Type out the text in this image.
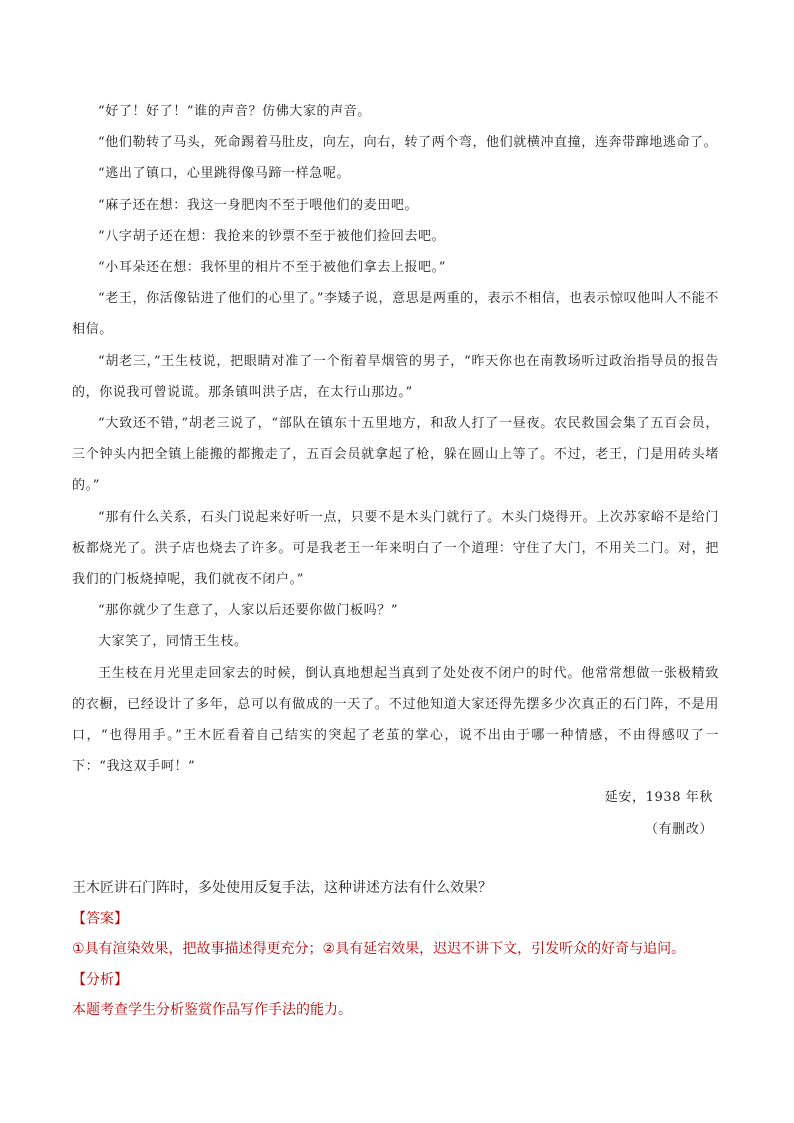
“好了！好了！”谁的声音？仿佛大家的声音。

“他们勒转了马头，死命踢着马肚皮，向左，向右，转了两个弯，他们就横冲直撞，连奔带蹿地逃命了。

“逃出了镇口，心里跳得像马蹄一样急呢。

“麻子还在想：我这一身肥肉不至于喂他们的麦田吧。

“八字胡子还在想：我抢来的钞票不至于被他们捡回去吧。

“小耳朵还在想：我怀里的相片不至于被他们拿去上报吧。”

“老王，你活像钻进了他们的心里了。”李矮子说，意思是两重的，表示不相信，也表示惊叹他叫人不能不相信。

“胡老三，”王生枝说，把眼睛对准了一个衔着旱烟管的男子，“昨天你也在南教场听过政治指导员的报告的，你说我可曾说谎。那条镇叫洪子店，在太行山那边。”

“大致还不错，”胡老三说了，“部队在镇东十五里地方，和敌人打了一昼夜。农民救国会集了五百会员，三个钟头内把全镇上能搬的都搬走了，五百会员就拿起了枪，躲在圆山上等了。不过，老王，门是用砖头堵的。”

“那有什么关系，石头门说起来好听一点，只要不是木头门就行了。木头门烧得开。上次苏家峪不是给门板都烧光了。洪子店也烧去了许多。可是我老王一年来明白了一个道理：守住了大门，不用关二门。对，把我们的门板烧掉呢，我们就夜不闭户。”

“那你就少了生意了，人家以后还要你做门板吗？”

大家笑了，同情王生枝。

王生枝在月光里走回家去的时候，倒认真地想起当真到了处处夜不闭户的时代。他常常想做一张极精致的衣橱，已经设计了多年，总可以有做成的一天了。不过他知道大家还得先摆多少次真正的石门阵，不是用口，“也得用手。”王木匠看着自己结实的突起了老茧的掌心，说不出由于哪一种情感，不由得感叹了一下：“我这双手呵！”

延安，1938 年秋

（有删改）

王木匠讲石门阵时，多处使用反复手法，这种讲述方法有什么效果？
【答案】
①具有渲染效果，把故事描述得更充分；②具有延宕效果，迟迟不讲下文，引发听众的好奇与追问。
【分析】
本题考查学生分析鉴赏作品写作手法的能力。
